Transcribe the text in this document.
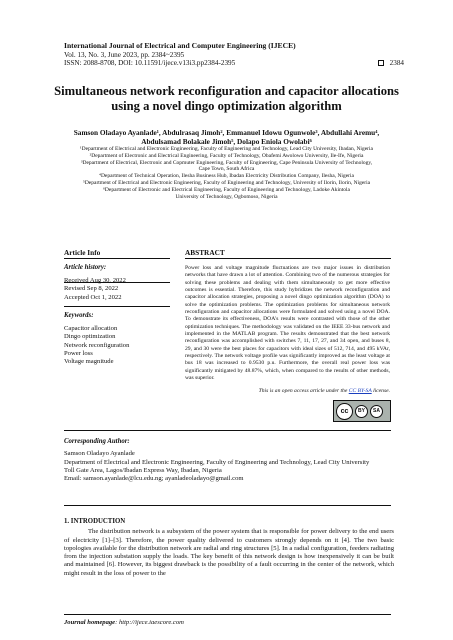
International Journal of Electrical and Computer Engineering (IJECE)
Vol. 13, No. 3, June 2023, pp. 2384~2395
ISSN: 2088-8708, DOI: 10.11591/ijece.v13i3.pp2384-2395	2384
Simultaneous network reconfiguration and capacitor allocations
using a novel dingo optimization algorithm
Samson Oladayo Ayanlade¹, Abdulrasaq Jimoh², Emmanuel Idowu Ogunwole³, Abdullahi Aremu⁴,
Abdulsamad Bolakale Jimoh⁵, Dolapo Eniola Owolabi⁶
¹Department of Electrical and Electronic Engineering, Faculty of Engineering and Technology, Lead City University, Ibadan, Nigeria
²Department of Electronic and Electrical Engineering, Faculty of Technology, Obafemi Awolowo University, Ile-Ife, Nigeria
³Department of Electrical, Electronic and Copmuter Engineering, Faculty of Engineering, Cape Peninsula University of Technology,
Cape Town, South Africa
⁴Department of Technical Operation, Ilesha Business Hub, Ibadan Electricity Distribution Company, Ilesha, Nigeria
⁵Department of Electrical and Electronic Engineering, Faculty of Engineering and Technology, University of Ilorin, Ilorin, Nigeria
⁶Department of Electronic and Electrical Engineering, Faculty of Engineering and Technology, Ladoke Akintola
University of Technology, Ogbomoso, Nigeria
Article Info	ABSTRACT
Article history:
Received Aug 30, 2022
Revised Sep 8, 2022
Accepted Oct 1, 2022
Keywords:
Capacitor allocation
Dingo optimization
Network reconfiguration
Power loss
Voltage magnitude
Power loss and voltage magnitude fluctuations are two major issues in distribution networks that have drawn a lot of attention. Combining two of the numerous strategies for solving these problems and dealing with them simultaneously to get more effective outcomes is essential. Therefore, this study hybridizes the network reconfiguration and capacitor allocation strategies, proposing a novel dingo optimization algorithm (DOA) to solve the optimization problems. The optimization problems for simultaneous network reconfiguration and capacitor allocations were formulated and solved using a novel DOA. To demonstrate its effectiveness, DOA's results were contrasted with those of the other optimization techniques. The methodology was validated on the IEEE 33-bus network and implemented in the MATLAB program. The results demonstrated that the best network reconfiguration was accomplished with switches 7, 11, 17, 27, and 34 open, and buses 8, 29, and 30 were the best places for capacitors with ideal sizes of 512, 714, and 495 kVAr, respectively. The network voltage profile was significantly improved as the least voltage at bus 18 was increased to 0.9530 p.u. Furthermore, the overall real power loss was significantly mitigated by 48.87%, which, when compared to the results of other methods, was superior.
This is an open access article under the CC BY-SA license.
cc	BY	SA
Corresponding Author:
Samson Oladayo Ayanlade
Department of Electrical and Electronic Engineering, Faculty of Engineering and Technology, Lead City University
Toll Gate Area, Lagos/Ibadan Express Way, Ibadan, Nigeria
Email: samson.ayanlade@lcu.edu.ng; ayanladeoladayo@gmail.com
1. INTRODUCTION
The distribution network is a subsystem of the power system that is responsible for power delivery to the end users of electricity [1]–[3]. Therefore, the power quality delivered to customers strongly depends on it [4]. The two basic topologies available for the distribution network are radial and ring structures [5]. In a radial configuration, feeders radiating from the injection substation supply the loads. The key benefit of this network design is how inexpensively it can be built and maintained [6]. However, its biggest drawback is the possibility of a fault occurring in the center of the network, which might result in the loss of power to the
Journal homepage: http://ijece.iaescore.com
